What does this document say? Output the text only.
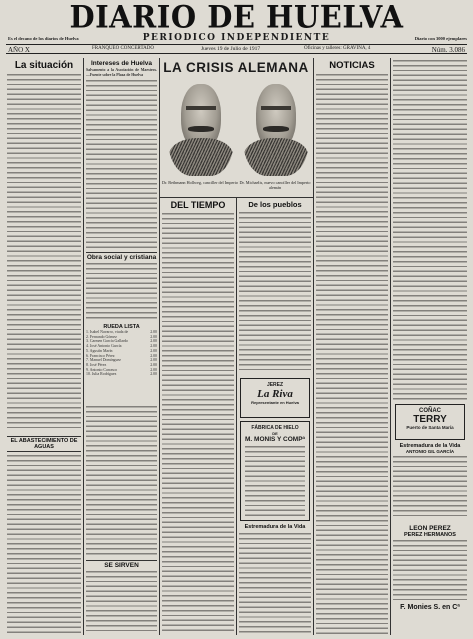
DIARIO DE HUELVA
Es el decano de los diarios de Huelva	PERIODICO INDEPENDIENTE	Diario con 3000 ejemplares
AÑO X	FRANQUEO CONCERTADO	Jueves 19 de Julio de 1917	Oficinas y talleres: GRAVINA, 4	Núm. 3.086
La situación
EL ABASTECIMIENTO DE AGUAS
Intereses de Huelva
Salvamento a la Asociación de Maestros.—Fuente sobre la Plaza de Huelva
Obra social y cristiana
RUEDA LISTA
1. Isabel Navarro, viuda de	2.00
2. Fernando Gómez	2.00
3. Carmen García Gallardo	2.00
4. José Antonio García	2.00
5. Agustín Marín	2.00
6. Francisco Pérez	2.00
7. Manuel Domínguez	2.00
8. José Pérez	2.00
9. Antonio Carrasco	2.00
10. Julia Rodríguez	2.00
SE SIRVEN
LA CRISIS ALEMANA
Dr. Bethmann Hollweg, canciller del Imperio Dr. Michaelis, nuevo canciller del Imperio alemán
DEL TIEMPO	De los pueblos
JEREZ
La Riva
Representante en Huelva
FÁBRICA DE HIELO
DE
M. MONIS Y COMPª
Estremadura de la Vida
NOTICIAS
COÑAC
TERRY
Puerto de Santa María
Estremadura de la Vida
ANTONIO GIL GARCÍA
LEON PEREZ
PEREZ HERMANOS
F. Monies S. en Cª
